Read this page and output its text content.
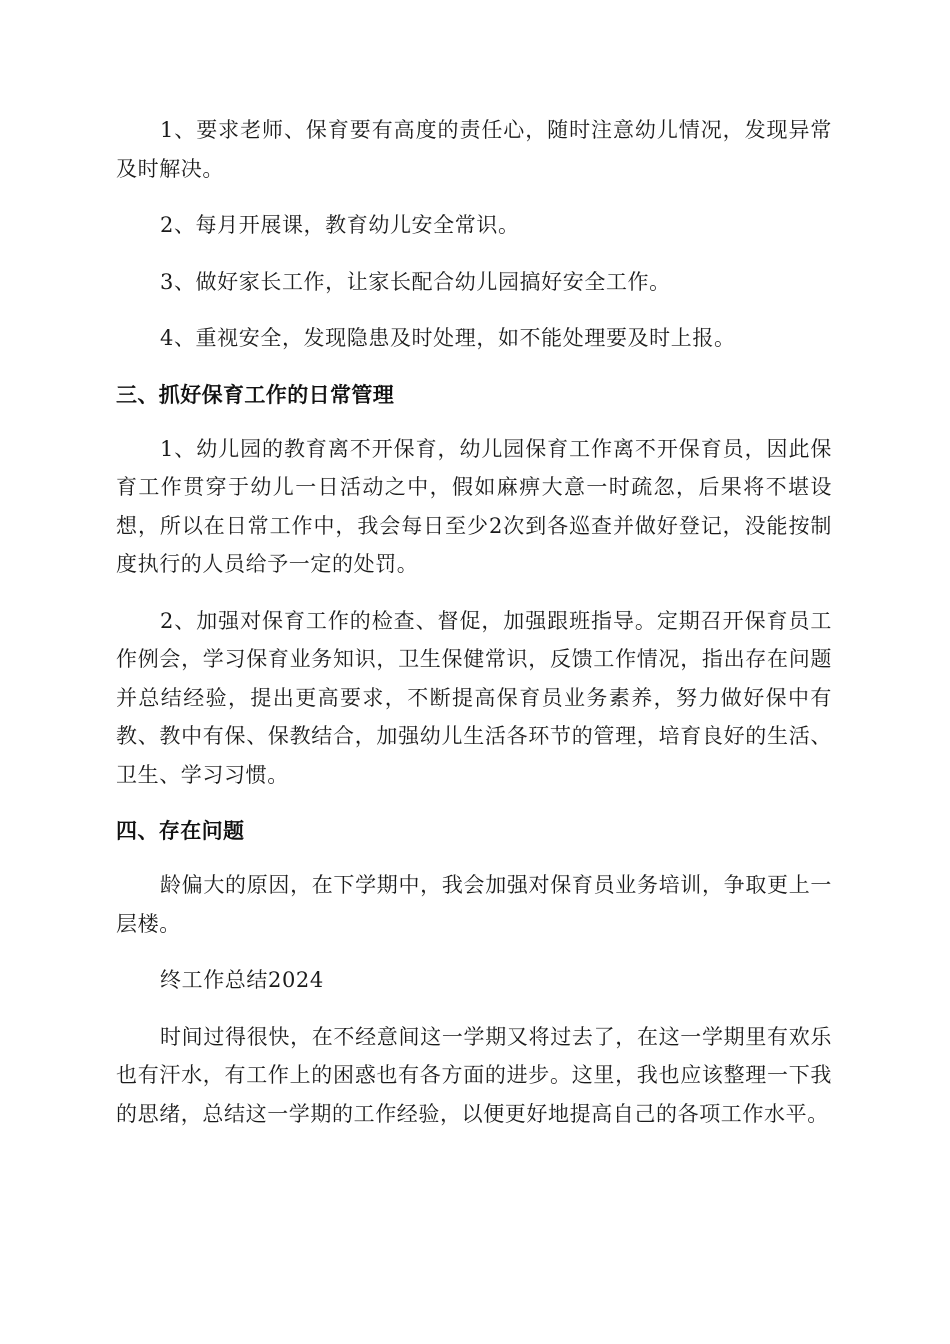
1、要求老师、保育要有高度的责任心，随时注意幼儿情况，发现异常及时解决。

2、每月开展课，教育幼儿安全常识。

3、做好家长工作，让家长配合幼儿园搞好安全工作。

4、重视安全，发现隐患及时处理，如不能处理要及时上报。

三、抓好保育工作的日常管理

1、幼儿园的教育离不开保育，幼儿园保育工作离不开保育员，因此保育工作贯穿于幼儿一日活动之中，假如麻痹大意一时疏忽，后果将不堪设想，所以在日常工作中，我会每日至少2次到各巡查并做好登记，没能按制度执行的人员给予一定的处罚。

2、加强对保育工作的检查、督促，加强跟班指导。定期召开保育员工作例会，学习保育业务知识，卫生保健常识，反馈工作情况，指出存在问题并总结经验，提出更高要求，不断提高保育员业务素养，努力做好保中有教、教中有保、保教结合，加强幼儿生活各环节的管理，培育良好的生活、卫生、学习习惯。

四、存在问题

龄偏大的原因，在下学期中，我会加强对保育员业务培训，争取更上一层楼。

终工作总结2024

时间过得很快，在不经意间这一学期又将过去了，在这一学期里有欢乐也有汗水，有工作上的困惑也有各方面的进步。这里，我也应该整理一下我的思绪，总结这一学期的工作经验，以便更好地提高自己的各项工作水平。
